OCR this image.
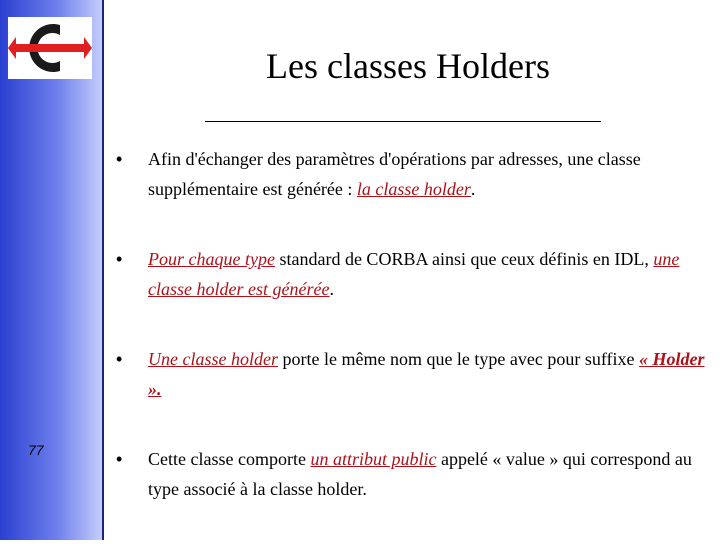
77
Les classes Holders
•	Afin d'échanger des paramètres d'opérations par adresses, une classe supplémentaire est générée : la classe holder.
•	Pour chaque type standard de CORBA ainsi que ceux définis en IDL, une classe holder est générée.
•	Une classe holder porte le même nom que le type avec pour suffixe « Holder ».
•	Cette classe comporte un attribut public appelé « value » qui correspond au type associé à la classe holder.
